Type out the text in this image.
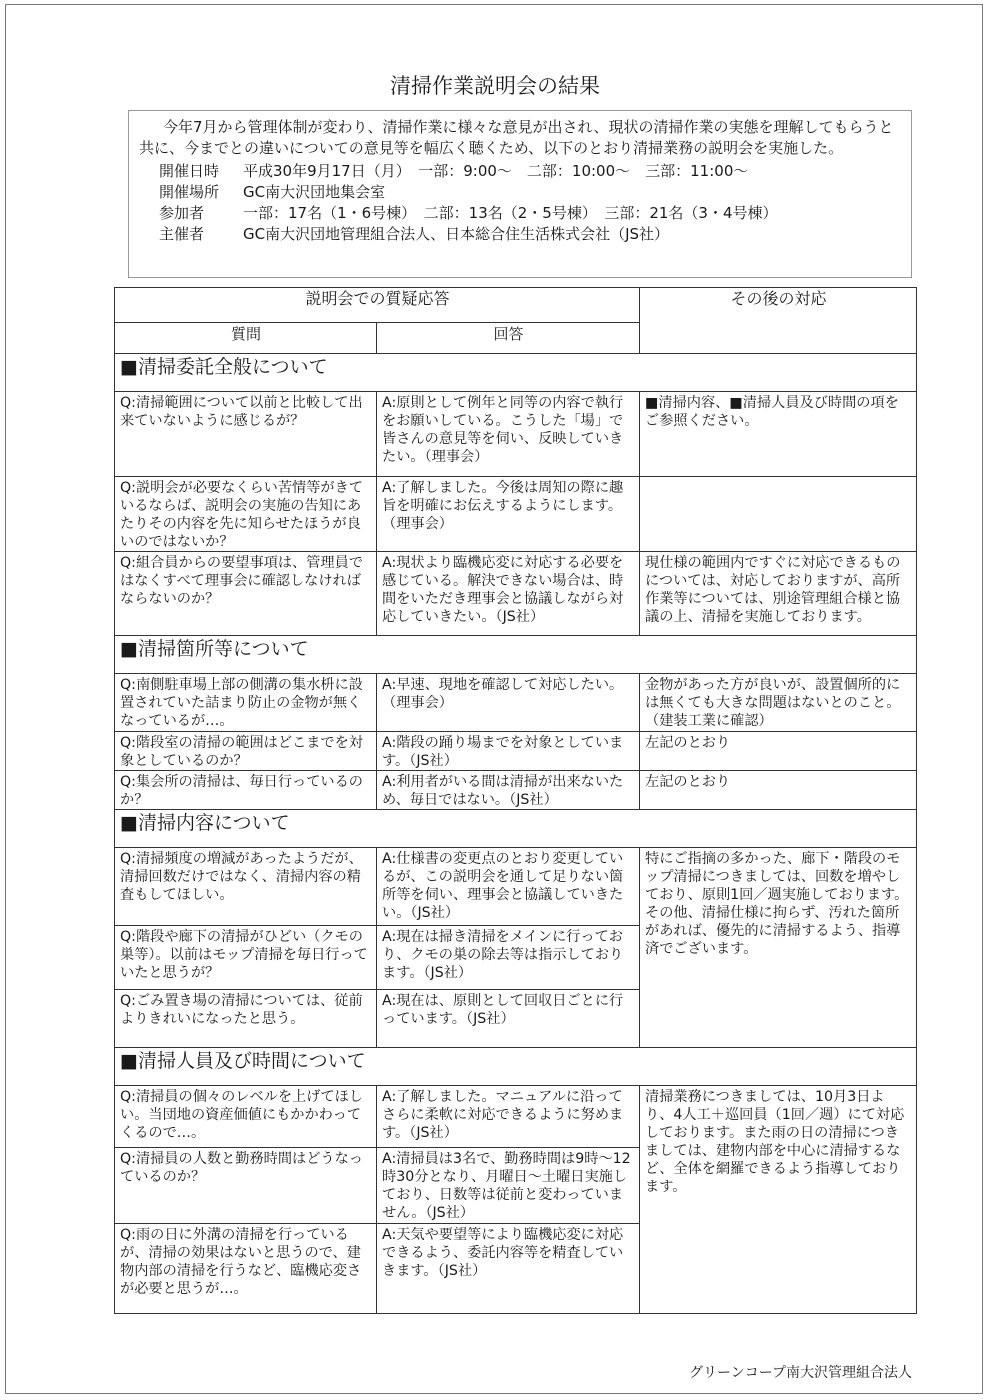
清掃作業説明会の結果

今年7月から管理体制が変わり、清掃作業に様々な意見が出され、現状の清掃作業の実態を理解してもらうと共に、今までとの違いについての意見等を幅広く聴くため、以下のとおり清掃業務の説明会を実施した。

開催日時	平成30年9月17日（月）　一部：9:00～　二部：10:00～　三部：11:00～
開催場所	GC南大沢団地集会室
参加者	一部：17名（1・6号棟）　二部：13名（2・5号棟）　三部：21名（3・4号棟）
主催者	GC南大沢団地管理組合法人、日本総合住生活株式会社（JS社）
説明会での質疑応答		その後の対応
質問	回答	
■清掃委託全般について		
Q:清掃範囲について以前と比較して出来ていないように感じるが？	A:原則として例年と同等の内容で執行をお願いしている。こうした「場」で皆さんの意見等を伺い、反映していきたい。（理事会）	■清掃内容、■清掃人員及び時間の項をご参照ください。
Q:説明会が必要なくらい苦情等がきているならば、説明会の実施の告知にあたりその内容を先に知らせたほうが良いのではないか？	A:了解しました。今後は周知の際に趣旨を明確にお伝えするようにします。（理事会）	
Q:組合員からの要望事項は、管理員ではなくすべて理事会に確認しなければならないのか？	A:現状より臨機応変に対応する必要を感じている。解決できない場合は、時間をいただき理事会と協議しながら対応していきたい。（JS社）	現仕様の範囲内ですぐに対応できるものについては、対応しておりますが、高所作業等については、別途管理組合様と協議の上、清掃を実施しております。
■清掃箇所等について		
Q:南側駐車場上部の側溝の集水枡に設置されていた詰まり防止の金物が無くなっているが…。	A:早速、現地を確認して対応したい。（理事会）	金物があった方が良いが、設置個所的には無くても大きな問題はないとのこと。（建装工業に確認）
Q:階段室の清掃の範囲はどこまでを対象としているのか？	A:階段の踊り場までを対象としています。（JS社）	左記のとおり
Q:集会所の清掃は、毎日行っているのか？	A:利用者がいる間は清掃が出来ないため、毎日ではない。（JS社）	左記のとおり
■清掃内容について		
Q:清掃頻度の増減があったようだが、清掃回数だけではなく、清掃内容の精査もしてほしい。	A:仕様書の変更点のとおり変更しているが、この説明会を通して足りない箇所等を伺い、理事会と協議していきたい。（JS社）	特にご指摘の多かった、廊下・階段のモップ清掃につきましては、回数を増やしており、原則1回／週実施しております。その他、清掃仕様に拘らず、汚れた箇所があれば、優先的に清掃するよう、指導済でございます。
Q:階段や廊下の清掃がひどい（クモの巣等）。以前はモップ清掃を毎日行っていたと思うが？	A:現在は掃き清掃をメインに行っており、クモの巣の除去等は指示しております。（JS社）	
Q:ごみ置き場の清掃については、従前よりきれいになったと思う。	A:現在は、原則として回収日ごとに行っています。（JS社）	
■清掃人員及び時間について		
Q:清掃員の個々のレベルを上げてほしい。当団地の資産価値にもかかわってくるので…。	A:了解しました。マニュアルに沿ってさらに柔軟に対応できるように努めます。（JS社）	清掃業務につきましては、10月3日より、4人工＋巡回員（1回／週）にて対応しております。また雨の日の清掃につきましては、建物内部を中心に清掃するなど、全体を網羅できるよう指導しております。
Q:清掃員の人数と勤務時間はどうなっているのか？	A:清掃員は3名で、勤務時間は9時～12時30分となり、月曜日～土曜日実施しており、日数等は従前と変わっていません。（JS社）	
Q:雨の日に外溝の清掃を行っているが、清掃の効果はないと思うので、建物内部の清掃を行うなど、臨機応変さが必要と思うが…。	A:天気や要望等により臨機応変に対応できるよう、委託内容等を精査していきます。（JS社）	
グリーンコープ南大沢管理組合法人
